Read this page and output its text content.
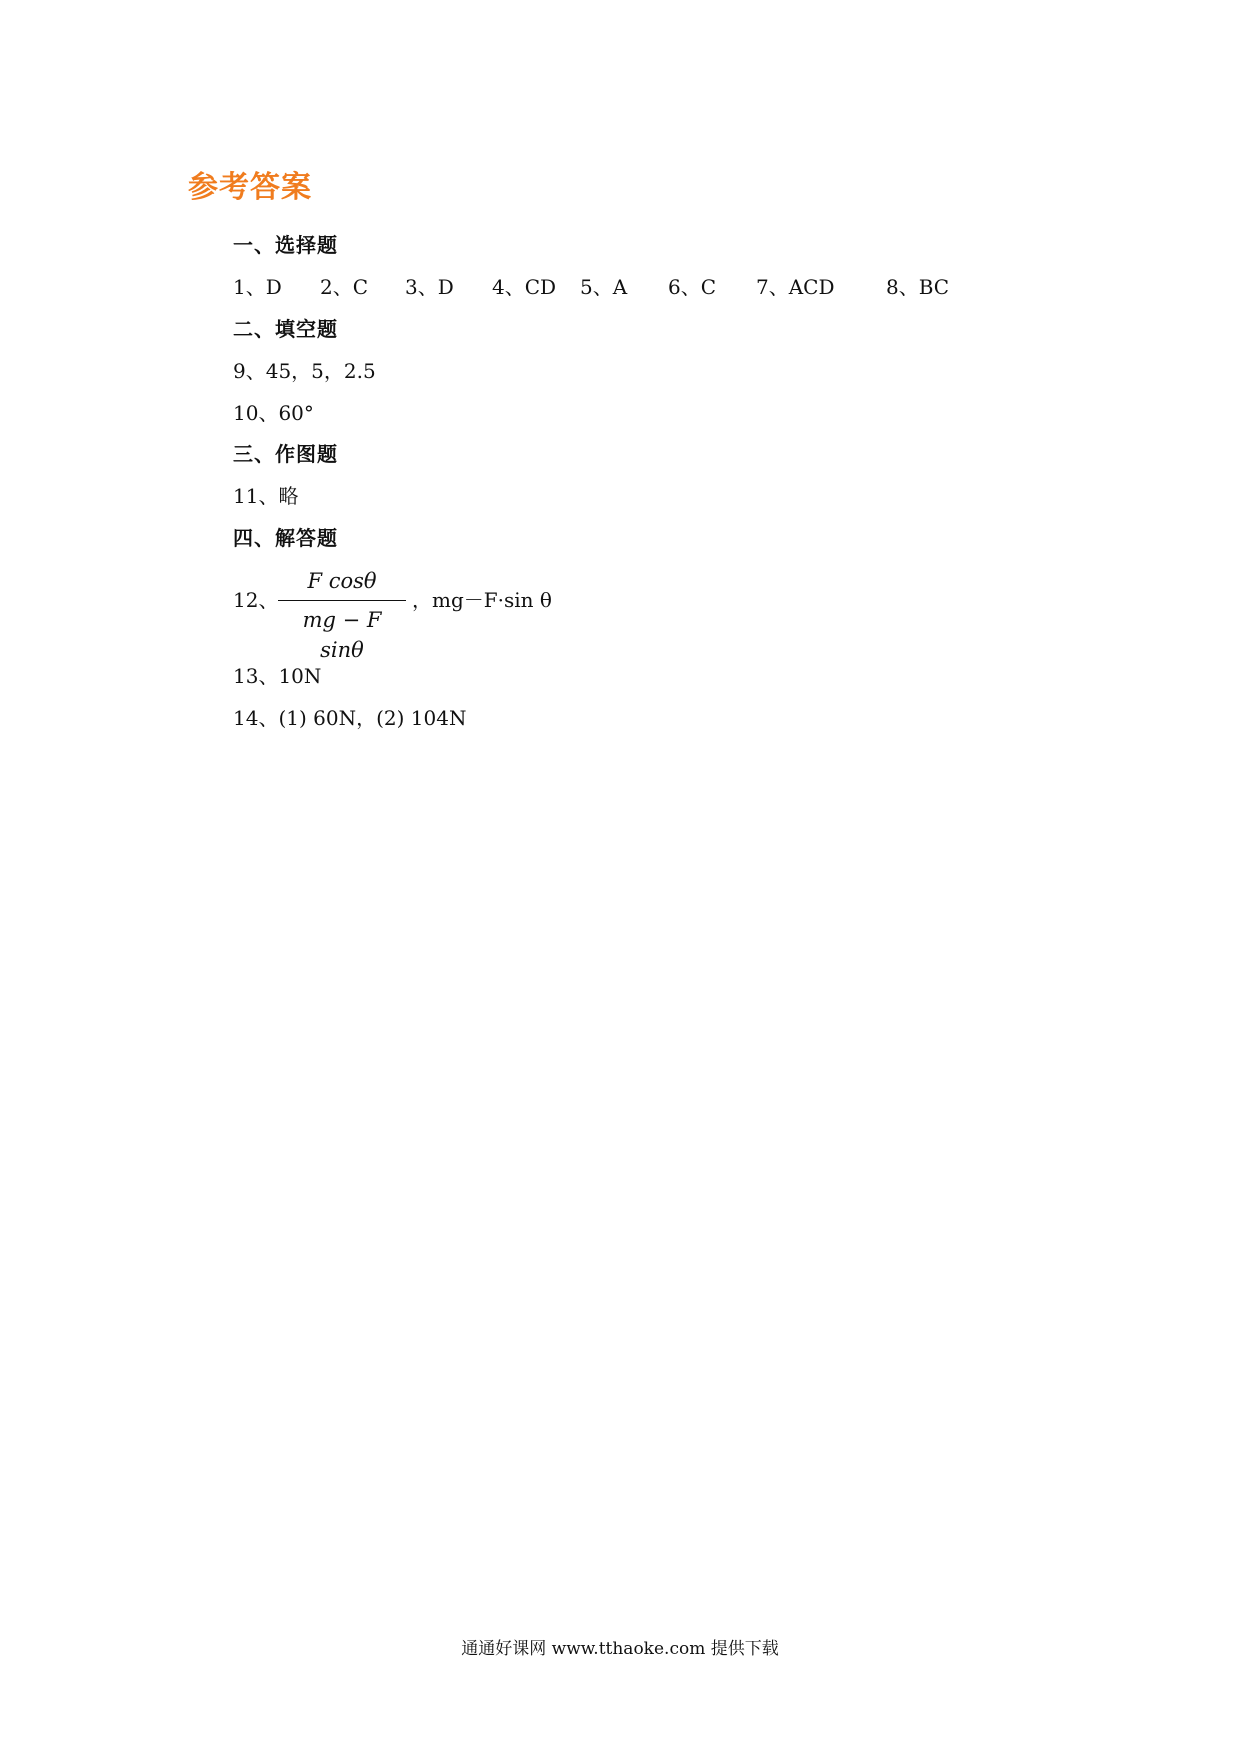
参考答案
一、选择题
1、D 2、C 3、D 4、CD 5、A 6、C 7、ACD	8、BC
二、填空题
9、45，5，2.5
10、60°
三、作图题
11、略
四、解答题
12、
F cosθ
mg − F sinθ
，mg－F·sin θ
13、10N
14、(1) 60N，(2) 104N
通通好课网 www.tthaoke.com 提供下载
